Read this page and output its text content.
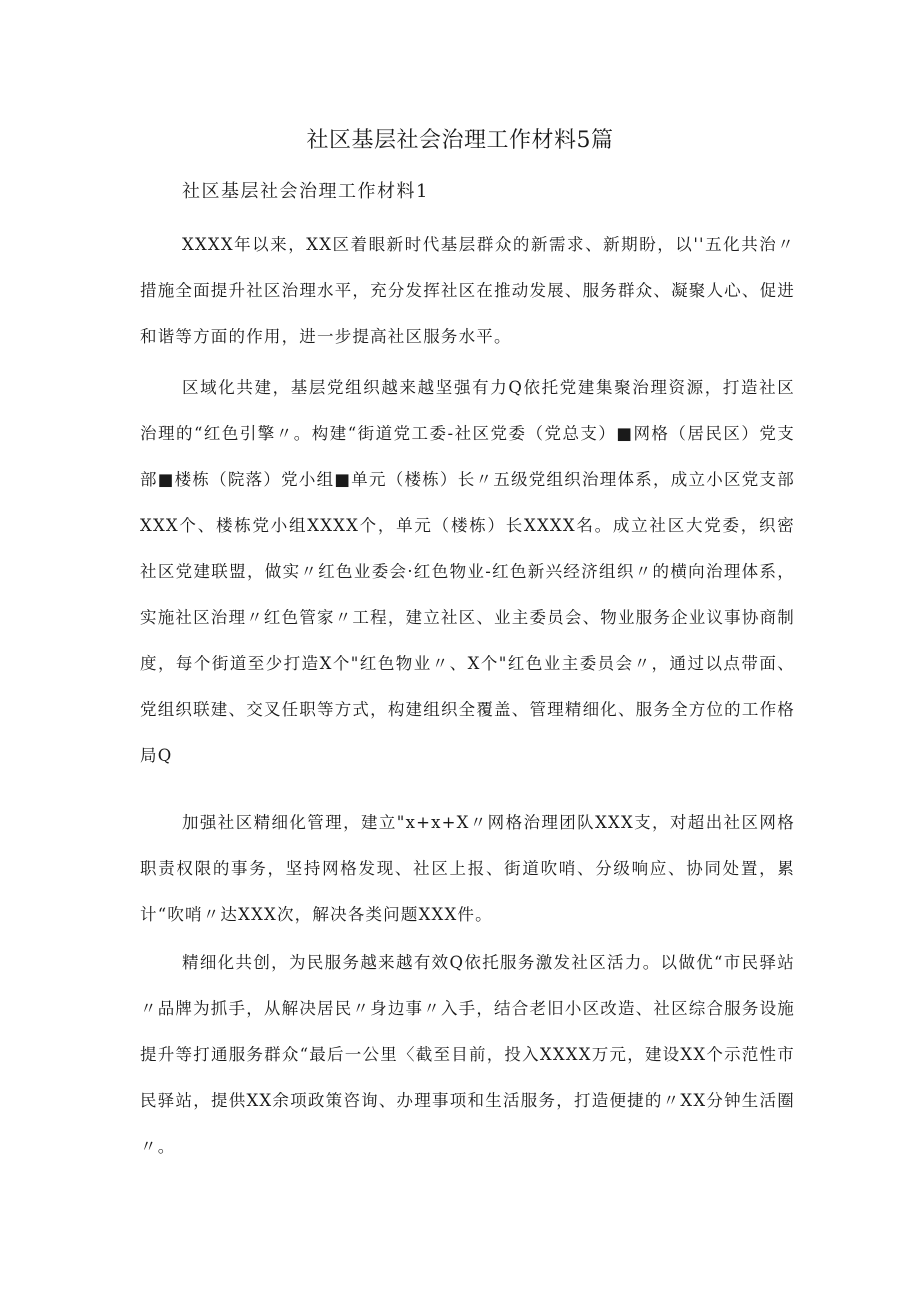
社区基层社会治理工作材料5篇
社区基层社会治理工作材料1

XXXX年以来，XX区着眼新时代基层群众的新需求、新期盼，以''五化共治〃措施全面提升社区治理水平，充分发挥社区在推动发展、服务群众、凝聚人心、促进和谐等方面的作用，进一步提高社区服务水平。

区域化共建，基层党组织越来越坚强有力Q依托党建集聚治理资源，打造社区治理的“红色引擎〃。构建“街道党工委-社区党委（党总支）■网格（居民区）党支部■楼栋（院落）党小组■单元（楼栋）长〃五级党组织治理体系，成立小区党支部XXX个、楼栋党小组XXXX个，单元（楼栋）长XXXX名。成立社区大党委，织密社区党建联盟，做实〃红色业委会·红色物业-红色新兴经济组织〃的横向治理体系，实施社区治理〃红色管家〃工程，建立社区、业主委员会、物业服务企业议事协商制度，每个街道至少打造X个"红色物业〃、X个"红色业主委员会〃，通过以点带面、党组织联建、交叉任职等方式，构建组织全覆盖、管理精细化、服务全方位的工作格局Q

加强社区精细化管理，建立"x+x+X〃网格治理团队XXX支，对超出社区网格职责权限的事务，坚持网格发现、社区上报、街道吹哨、分级响应、协同处置，累计“吹哨〃达XXX次，解决各类问题XXX件。

精细化共创，为民服务越来越有效Q依托服务激发社区活力。以做优“市民驿站〃品牌为抓手，从解决居民〃身边事〃入手，结合老旧小区改造、社区综合服务设施提升等打通服务群众“最后一公里〈截至目前，投入XXXX万元，建设XX个示范性市民驿站，提供XX余项政策咨询、办理事项和生活服务，打造便捷的〃XX分钟生活圈〃。
